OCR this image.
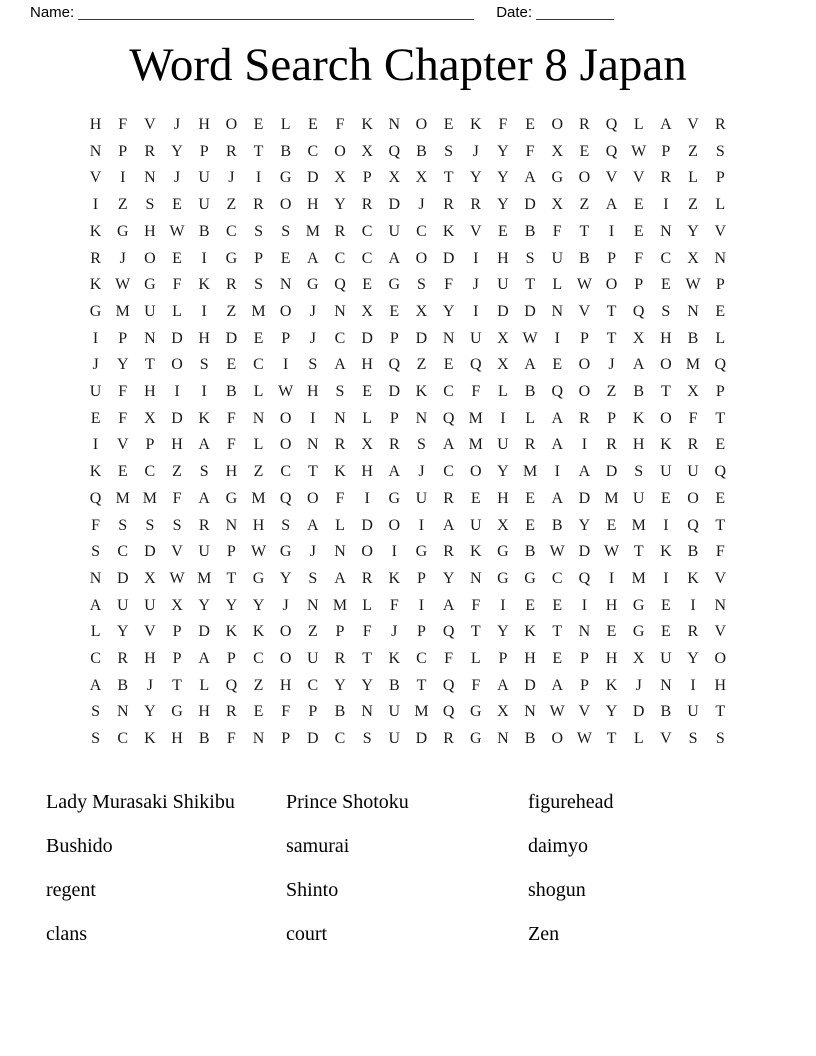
Name:	Date:
Word Search Chapter 8 Japan
H	F	V	J	H	O	E	L	E	F	K	N	O	E	K	F	E	O	R	Q	L	A	V	R
N	P	R	Y	P	R	T	B	C	O	X	Q	B	S	J	Y	F	X	E	Q	W	P	Z	S
V	I	N	J	U	J	I	G	D	X	P	X	X	T	Y	Y	A	G	O	V	V	R	L	P
I	Z	S	E	U	Z	R	O	H	Y	R	D	J	R	R	Y	D	X	Z	A	E	I	Z	L
K	G	H	W	B	C	S	S	M	R	C	U	C	K	V	E	B	F	T	I	E	N	Y	V
R	J	O	E	I	G	P	E	A	C	C	A	O	D	I	H	S	U	B	P	F	C	X	N
K	W	G	F	K	R	S	N	G	Q	E	G	S	F	J	U	T	L	W	O	P	E	W	P
G	M	U	L	I	Z	M	O	J	N	X	E	X	Y	I	D	D	N	V	T	Q	S	N	E
I	P	N	D	H	D	E	P	J	C	D	P	D	N	U	X	W	I	P	T	X	H	B	L
J	Y	T	O	S	E	C	I	S	A	H	Q	Z	E	Q	X	A	E	O	J	A	O	M	Q
U	F	H	I	I	B	L	W	H	S	E	D	K	C	F	L	B	Q	O	Z	B	T	X	P
E	F	X	D	K	F	N	O	I	N	L	P	N	Q	M	I	L	A	R	P	K	O	F	T
I	V	P	H	A	F	L	O	N	R	X	R	S	A	M	U	R	A	I	R	H	K	R	E
K	E	C	Z	S	H	Z	C	T	K	H	A	J	C	O	Y	M	I	A	D	S	U	U	Q
Q	M	M	F	A	G	M	Q	O	F	I	G	U	R	E	H	E	A	D	M	U	E	O	E
F	S	S	S	R	N	H	S	A	L	D	O	I	A	U	X	E	B	Y	E	M	I	Q	T
S	C	D	V	U	P	W	G	J	N	O	I	G	R	K	G	B	W	D	W	T	K	B	F
N	D	X	W	M	T	G	Y	S	A	R	K	P	Y	N	G	G	C	Q	I	M	I	K	V
A	U	U	X	Y	Y	Y	J	N	M	L	F	I	A	F	I	E	E	I	H	G	E	I	N
L	Y	V	P	D	K	K	O	Z	P	F	J	P	Q	T	Y	K	T	N	E	G	E	R	V
C	R	H	P	A	P	C	O	U	R	T	K	C	F	L	P	H	E	P	H	X	U	Y	O
A	B	J	T	L	Q	Z	H	C	Y	Y	B	T	Q	F	A	D	A	P	K	J	N	I	H
S	N	Y	G	H	R	E	F	P	B	N	U	M	Q	G	X	N	W	V	Y	D	B	U	T
S	C	K	H	B	F	N	P	D	C	S	U	D	R	G	N	B	O	W	T	L	V	S	S
Lady Murasaki Shikibu	Prince Shotoku	figurehead
Bushido	samurai	daimyo
regent	Shinto	shogun
clans	court	Zen
